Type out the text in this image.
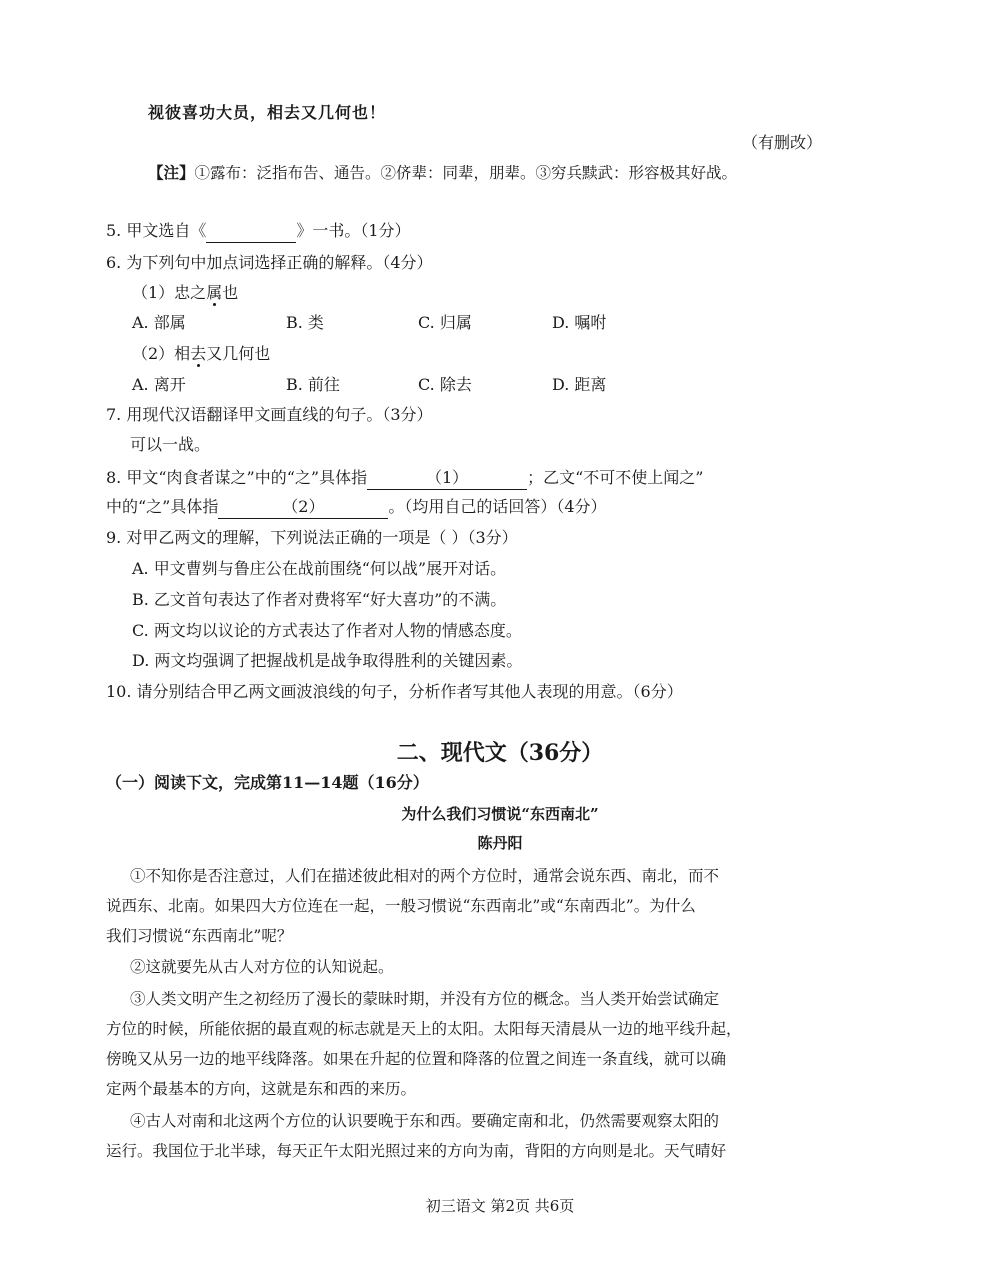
视彼喜功大员，相去又几何也！
（有删改）
【注】①露布：泛指布告、通告。②侪辈：同辈，朋辈。③穷兵黩武：形容极其好战。
5. 甲文选自《	》一书。（1分）
6. 为下列句中加点词选择正确的解释。（4分）
（1）忠之属也
A. 部属	B. 类	C. 归属	D. 嘱咐
（2）相去又几何也
A. 离开	B. 前往	C. 除去	D. 距离
7. 用现代汉语翻译甲文画直线的句子。（3分）
可以一战。
8. 甲文“肉食者谋之”中的“之”具体指	（1）	；乙文“不可不使上闻之”
中的“之”具体指	（2）	。（均用自己的话回答）（4分）
9. 对甲乙两文的理解，下列说法正确的一项是（ ）（3分）
A. 甲文曹刿与鲁庄公在战前围绕“何以战”展开对话。
B. 乙文首句表达了作者对费将军“好大喜功”的不满。
C. 两文均以议论的方式表达了作者对人物的情感态度。
D. 两文均强调了把握战机是战争取得胜利的关键因素。
10. 请分别结合甲乙两文画波浪线的句子，分析作者写其他人表现的用意。（6分）
二、现代文（36分）
（一）阅读下文，完成第11—14题（16分）
为什么我们习惯说“东西南北”
陈丹阳
①不知你是否注意过，人们在描述彼此相对的两个方位时，通常会说东西、南北，而不
说西东、北南。如果四大方位连在一起，一般习惯说“东西南北”或“东南西北”。为什么
我们习惯说“东西南北”呢？
②这就要先从古人对方位的认知说起。
③人类文明产生之初经历了漫长的蒙昧时期，并没有方位的概念。当人类开始尝试确定
方位的时候，所能依据的最直观的标志就是天上的太阳。太阳每天清晨从一边的地平线升起，
傍晚又从另一边的地平线降落。如果在升起的位置和降落的位置之间连一条直线，就可以确
定两个最基本的方向，这就是东和西的来历。
④古人对南和北这两个方位的认识要晚于东和西。要确定南和北，仍然需要观察太阳的
运行。我国位于北半球，每天正午太阳光照过来的方向为南，背阳的方向则是北。天气晴好
初三语文 第2页 共6页
